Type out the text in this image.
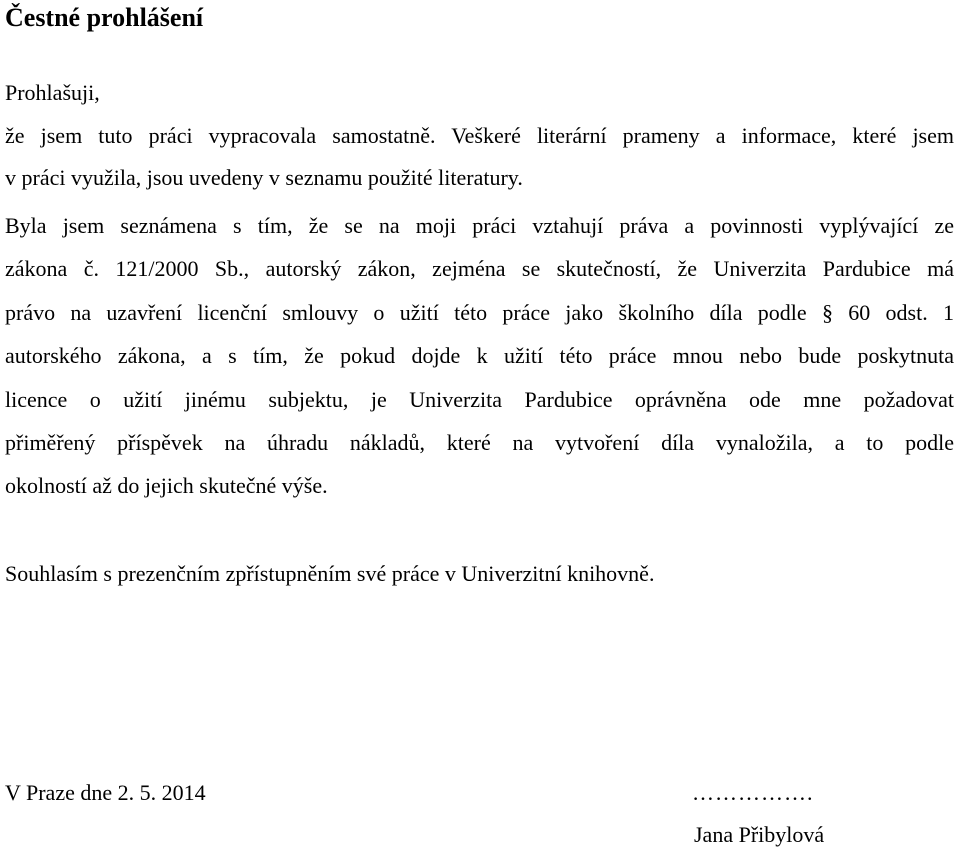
Čestné prohlášení

Prohlašuji,

že jsem tuto práci vypracovala samostatně. Veškeré literární prameny a informace, které jsem
v práci využila, jsou uvedeny v seznamu použité literatury.
Byla jsem seznámena s tím, že se na moji práci vztahují práva a povinnosti vyplývající ze
zákona č. 121/2000 Sb., autorský zákon, zejména se skutečností, že Univerzita Pardubice má
právo na uzavření licenční smlouvy o užití této práce jako školního díla podle § 60 odst. 1
autorského zákona, a s tím, že pokud dojde k užití této práce mnou nebo bude poskytnuta
licence o užití jinému subjektu, je Univerzita Pardubice oprávněna ode mne požadovat
přiměřený příspěvek na úhradu nákladů, které na vytvoření díla vynaložila, a to podle
okolností až do jejich skutečné výše.

Souhlasím s prezenčním zpřístupněním své práce v Univerzitní knihovně.

V Praze dne 2. 5. 2014	…………….

Jana Přibylová
